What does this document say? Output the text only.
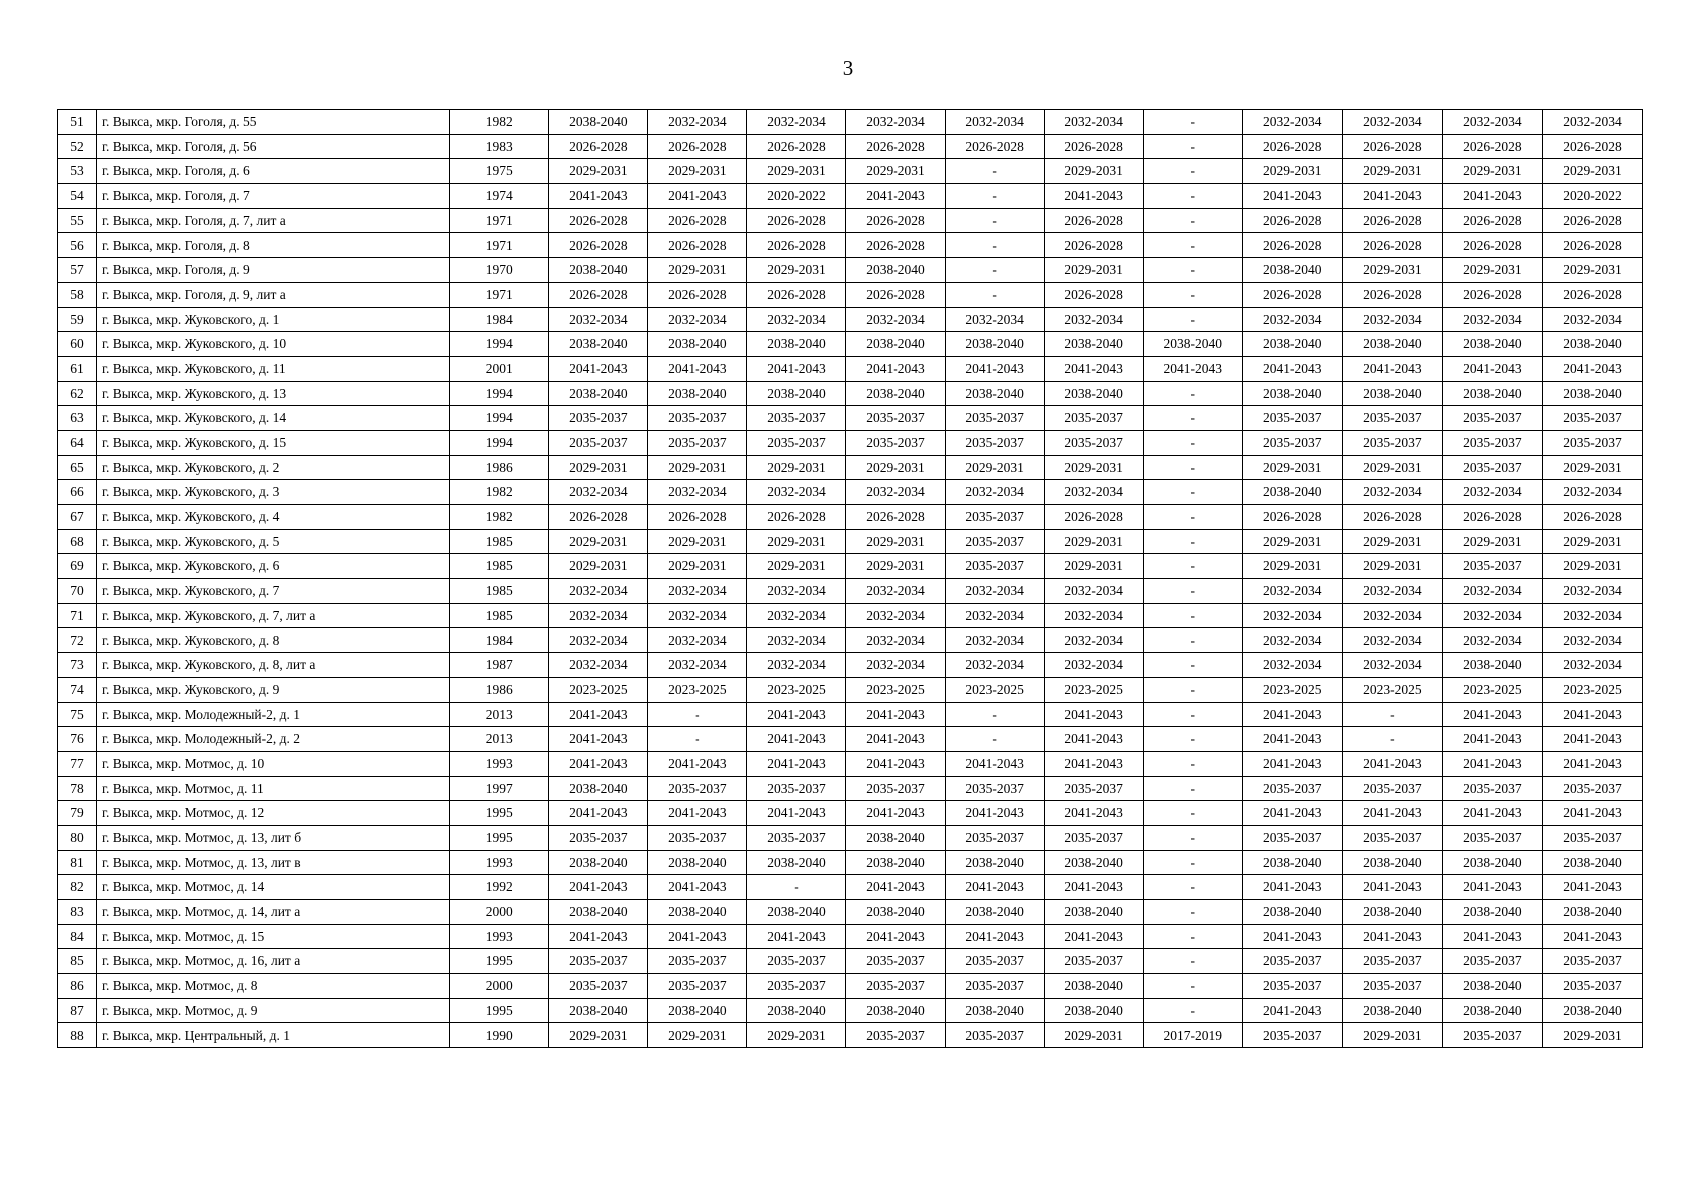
3
51	г. Выкса, мкр. Гоголя, д. 55	1982	2038-2040	2032-2034	2032-2034	2032-2034	2032-2034	2032-2034	-	2032-2034	2032-2034	2032-2034	2032-2034
52	г. Выкса, мкр. Гоголя, д. 56	1983	2026-2028	2026-2028	2026-2028	2026-2028	2026-2028	2026-2028	-	2026-2028	2026-2028	2026-2028	2026-2028
53	г. Выкса, мкр. Гоголя, д. 6	1975	2029-2031	2029-2031	2029-2031	2029-2031	-	2029-2031	-	2029-2031	2029-2031	2029-2031	2029-2031
54	г. Выкса, мкр. Гоголя, д. 7	1974	2041-2043	2041-2043	2020-2022	2041-2043	-	2041-2043	-	2041-2043	2041-2043	2041-2043	2020-2022
55	г. Выкса, мкр. Гоголя, д. 7, лит а	1971	2026-2028	2026-2028	2026-2028	2026-2028	-	2026-2028	-	2026-2028	2026-2028	2026-2028	2026-2028
56	г. Выкса, мкр. Гоголя, д. 8	1971	2026-2028	2026-2028	2026-2028	2026-2028	-	2026-2028	-	2026-2028	2026-2028	2026-2028	2026-2028
57	г. Выкса, мкр. Гоголя, д. 9	1970	2038-2040	2029-2031	2029-2031	2038-2040	-	2029-2031	-	2038-2040	2029-2031	2029-2031	2029-2031
58	г. Выкса, мкр. Гоголя, д. 9, лит а	1971	2026-2028	2026-2028	2026-2028	2026-2028	-	2026-2028	-	2026-2028	2026-2028	2026-2028	2026-2028
59	г. Выкса, мкр. Жуковского, д. 1	1984	2032-2034	2032-2034	2032-2034	2032-2034	2032-2034	2032-2034	-	2032-2034	2032-2034	2032-2034	2032-2034
60	г. Выкса, мкр. Жуковского, д. 10	1994	2038-2040	2038-2040	2038-2040	2038-2040	2038-2040	2038-2040	2038-2040	2038-2040	2038-2040	2038-2040	2038-2040
61	г. Выкса, мкр. Жуковского, д. 11	2001	2041-2043	2041-2043	2041-2043	2041-2043	2041-2043	2041-2043	2041-2043	2041-2043	2041-2043	2041-2043	2041-2043
62	г. Выкса, мкр. Жуковского, д. 13	1994	2038-2040	2038-2040	2038-2040	2038-2040	2038-2040	2038-2040	-	2038-2040	2038-2040	2038-2040	2038-2040
63	г. Выкса, мкр. Жуковского, д. 14	1994	2035-2037	2035-2037	2035-2037	2035-2037	2035-2037	2035-2037	-	2035-2037	2035-2037	2035-2037	2035-2037
64	г. Выкса, мкр. Жуковского, д. 15	1994	2035-2037	2035-2037	2035-2037	2035-2037	2035-2037	2035-2037	-	2035-2037	2035-2037	2035-2037	2035-2037
65	г. Выкса, мкр. Жуковского, д. 2	1986	2029-2031	2029-2031	2029-2031	2029-2031	2029-2031	2029-2031	-	2029-2031	2029-2031	2035-2037	2029-2031
66	г. Выкса, мкр. Жуковского, д. 3	1982	2032-2034	2032-2034	2032-2034	2032-2034	2032-2034	2032-2034	-	2038-2040	2032-2034	2032-2034	2032-2034
67	г. Выкса, мкр. Жуковского, д. 4	1982	2026-2028	2026-2028	2026-2028	2026-2028	2035-2037	2026-2028	-	2026-2028	2026-2028	2026-2028	2026-2028
68	г. Выкса, мкр. Жуковского, д. 5	1985	2029-2031	2029-2031	2029-2031	2029-2031	2035-2037	2029-2031	-	2029-2031	2029-2031	2029-2031	2029-2031
69	г. Выкса, мкр. Жуковского, д. 6	1985	2029-2031	2029-2031	2029-2031	2029-2031	2035-2037	2029-2031	-	2029-2031	2029-2031	2035-2037	2029-2031
70	г. Выкса, мкр. Жуковского, д. 7	1985	2032-2034	2032-2034	2032-2034	2032-2034	2032-2034	2032-2034	-	2032-2034	2032-2034	2032-2034	2032-2034
71	г. Выкса, мкр. Жуковского, д. 7, лит а	1985	2032-2034	2032-2034	2032-2034	2032-2034	2032-2034	2032-2034	-	2032-2034	2032-2034	2032-2034	2032-2034
72	г. Выкса, мкр. Жуковского, д. 8	1984	2032-2034	2032-2034	2032-2034	2032-2034	2032-2034	2032-2034	-	2032-2034	2032-2034	2032-2034	2032-2034
73	г. Выкса, мкр. Жуковского, д. 8, лит а	1987	2032-2034	2032-2034	2032-2034	2032-2034	2032-2034	2032-2034	-	2032-2034	2032-2034	2038-2040	2032-2034
74	г. Выкса, мкр. Жуковского, д. 9	1986	2023-2025	2023-2025	2023-2025	2023-2025	2023-2025	2023-2025	-	2023-2025	2023-2025	2023-2025	2023-2025
75	г. Выкса, мкр. Молодежный-2, д. 1	2013	2041-2043	-	2041-2043	2041-2043	-	2041-2043	-	2041-2043	-	2041-2043	2041-2043
76	г. Выкса, мкр. Молодежный-2, д. 2	2013	2041-2043	-	2041-2043	2041-2043	-	2041-2043	-	2041-2043	-	2041-2043	2041-2043
77	г. Выкса, мкр. Мотмос, д. 10	1993	2041-2043	2041-2043	2041-2043	2041-2043	2041-2043	2041-2043	-	2041-2043	2041-2043	2041-2043	2041-2043
78	г. Выкса, мкр. Мотмос, д. 11	1997	2038-2040	2035-2037	2035-2037	2035-2037	2035-2037	2035-2037	-	2035-2037	2035-2037	2035-2037	2035-2037
79	г. Выкса, мкр. Мотмос, д. 12	1995	2041-2043	2041-2043	2041-2043	2041-2043	2041-2043	2041-2043	-	2041-2043	2041-2043	2041-2043	2041-2043
80	г. Выкса, мкр. Мотмос, д. 13, лит б	1995	2035-2037	2035-2037	2035-2037	2038-2040	2035-2037	2035-2037	-	2035-2037	2035-2037	2035-2037	2035-2037
81	г. Выкса, мкр. Мотмос, д. 13, лит в	1993	2038-2040	2038-2040	2038-2040	2038-2040	2038-2040	2038-2040	-	2038-2040	2038-2040	2038-2040	2038-2040
82	г. Выкса, мкр. Мотмос, д. 14	1992	2041-2043	2041-2043	-	2041-2043	2041-2043	2041-2043	-	2041-2043	2041-2043	2041-2043	2041-2043
83	г. Выкса, мкр. Мотмос, д. 14, лит а	2000	2038-2040	2038-2040	2038-2040	2038-2040	2038-2040	2038-2040	-	2038-2040	2038-2040	2038-2040	2038-2040
84	г. Выкса, мкр. Мотмос, д. 15	1993	2041-2043	2041-2043	2041-2043	2041-2043	2041-2043	2041-2043	-	2041-2043	2041-2043	2041-2043	2041-2043
85	г. Выкса, мкр. Мотмос, д. 16, лит а	1995	2035-2037	2035-2037	2035-2037	2035-2037	2035-2037	2035-2037	-	2035-2037	2035-2037	2035-2037	2035-2037
86	г. Выкса, мкр. Мотмос, д. 8	2000	2035-2037	2035-2037	2035-2037	2035-2037	2035-2037	2038-2040	-	2035-2037	2035-2037	2038-2040	2035-2037
87	г. Выкса, мкр. Мотмос, д. 9	1995	2038-2040	2038-2040	2038-2040	2038-2040	2038-2040	2038-2040	-	2041-2043	2038-2040	2038-2040	2038-2040
88	г. Выкса, мкр. Центральный, д. 1	1990	2029-2031	2029-2031	2029-2031	2035-2037	2035-2037	2029-2031	2017-2019	2035-2037	2029-2031	2035-2037	2029-2031
